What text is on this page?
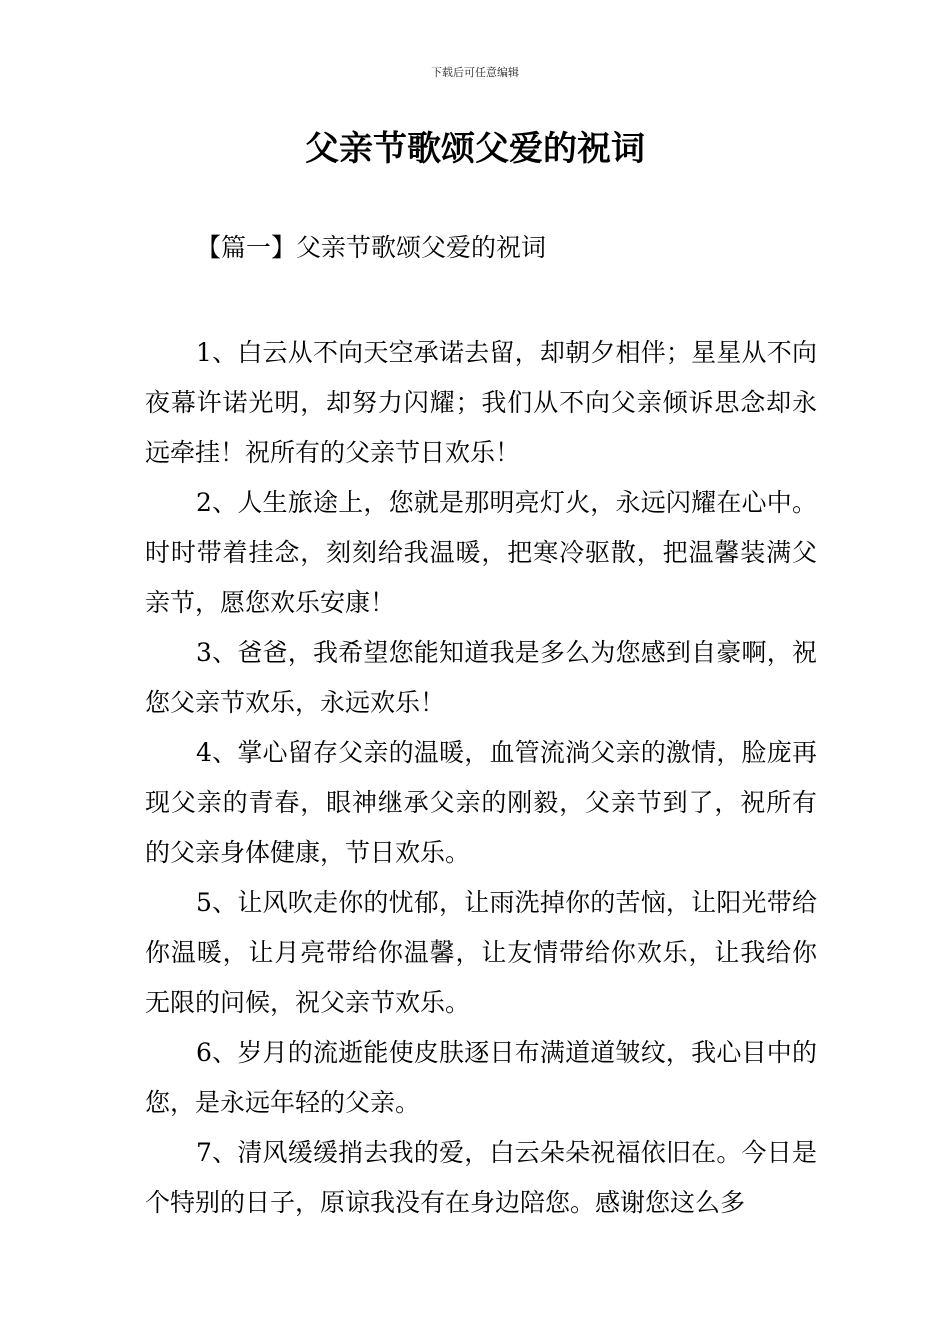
下载后可任意编辑
父亲节歌颂父爱的祝词
【篇一】父亲节歌颂父爱的祝词

1、白云从不向天空承诺去留，却朝夕相伴；星星从不向夜幕许诺光明，却努力闪耀；我们从不向父亲倾诉思念却永远牵挂！祝所有的父亲节日欢乐！

2、人生旅途上，您就是那明亮灯火，永远闪耀在心中。时时带着挂念，刻刻给我温暖，把寒冷驱散，把温馨装满父亲节，愿您欢乐安康！

3、爸爸，我希望您能知道我是多么为您感到自豪啊，祝您父亲节欢乐，永远欢乐！

4、掌心留存父亲的温暖，血管流淌父亲的激情，脸庞再现父亲的青春，眼神继承父亲的刚毅，父亲节到了，祝所有的父亲身体健康，节日欢乐。

5、让风吹走你的忧郁，让雨洗掉你的苦恼，让阳光带给你温暖，让月亮带给你温馨，让友情带给你欢乐，让我给你无限的问候，祝父亲节欢乐。

6、岁月的流逝能使皮肤逐日布满道道皱纹，我心目中的您，是永远年轻的父亲。

7、清风缓缓捎去我的爱，白云朵朵祝福依旧在。今日是个特别的日子，原谅我没有在身边陪您。感谢您这么多
